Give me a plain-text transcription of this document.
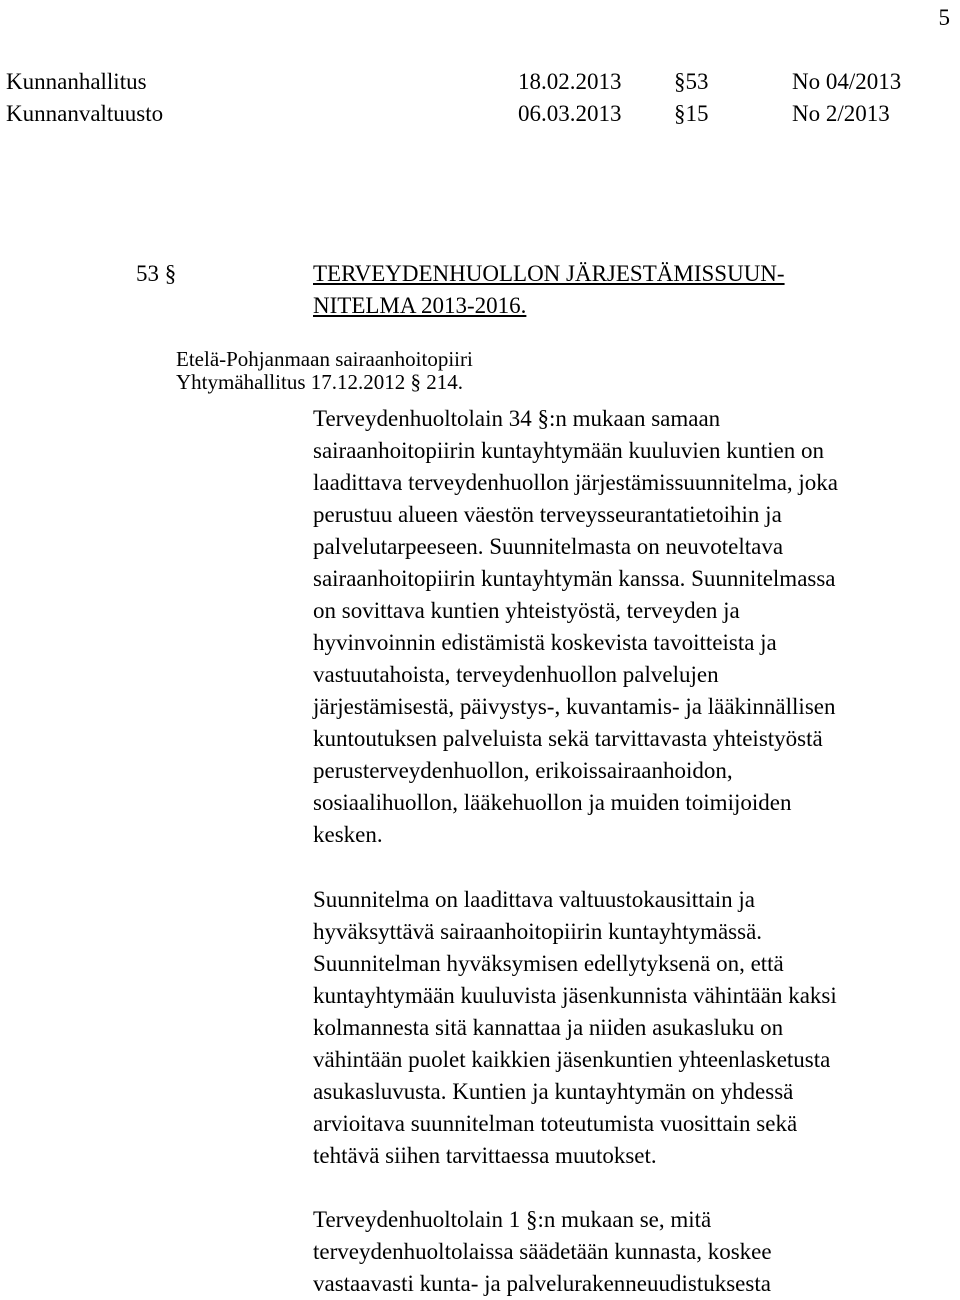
5
Kunnanhallitus	18.02.2013 §53	No 04/2013
Kunnanvaltuusto	06.03.2013 §15	No 2/2013
53 §	TERVEYDENHUOLLON JÄRJESTÄMISSUUN-
NITELMA 2013-2016.
Etelä-Pohjanmaan sairaanhoitopiiri
Yhtymähallitus 17.12.2012 § 214.
Terveydenhuoltolain 34 §:n mukaan samaan
sairaanhoitopiirin kuntayhtymään kuuluvien kuntien on
laadittava terveydenhuollon järjestämissuunnitelma, joka
perustuu alueen väestön terveysseurantatietoihin ja
palvelutarpeeseen. Suunnitelmasta on neuvoteltava
sairaanhoitopiirin kuntayhtymän kanssa. Suunnitelmassa
on sovittava kuntien yhteistyöstä, terveyden ja
hyvinvoinnin edistämistä koskevista tavoitteista ja
vastuutahoista, terveydenhuollon palvelujen
järjestämisestä, päivystys-, kuvantamis- ja lääkinnällisen
kuntoutuksen palveluista sekä tarvittavasta yhteistyöstä
perusterveydenhuollon, erikoissairaanhoidon,
sosiaalihuollon, lääkehuollon ja muiden toimijoiden
kesken.
Suunnitelma on laadittava valtuustokausittain ja
hyväksyttävä sairaanhoitopiirin kuntayhtymässä.
Suunnitelman hyväksymisen edellytyksenä on, että
kuntayhtymään kuuluvista jäsenkunnista vähintään kaksi
kolmannesta sitä kannattaa ja niiden asukasluku on
vähintään puolet kaikkien jäsenkuntien yhteenlasketusta
asukasluvusta. Kuntien ja kuntayhtymän on yhdessä
arvioitava suunnitelman toteutumista vuosittain sekä
tehtävä siihen tarvittaessa muutokset.
Terveydenhuoltolain 1 §:n mukaan se, mitä
terveydenhuoltolaissa säädetään kunnasta, koskee
vastaavasti kunta- ja palvelurakenneuudistuksesta
